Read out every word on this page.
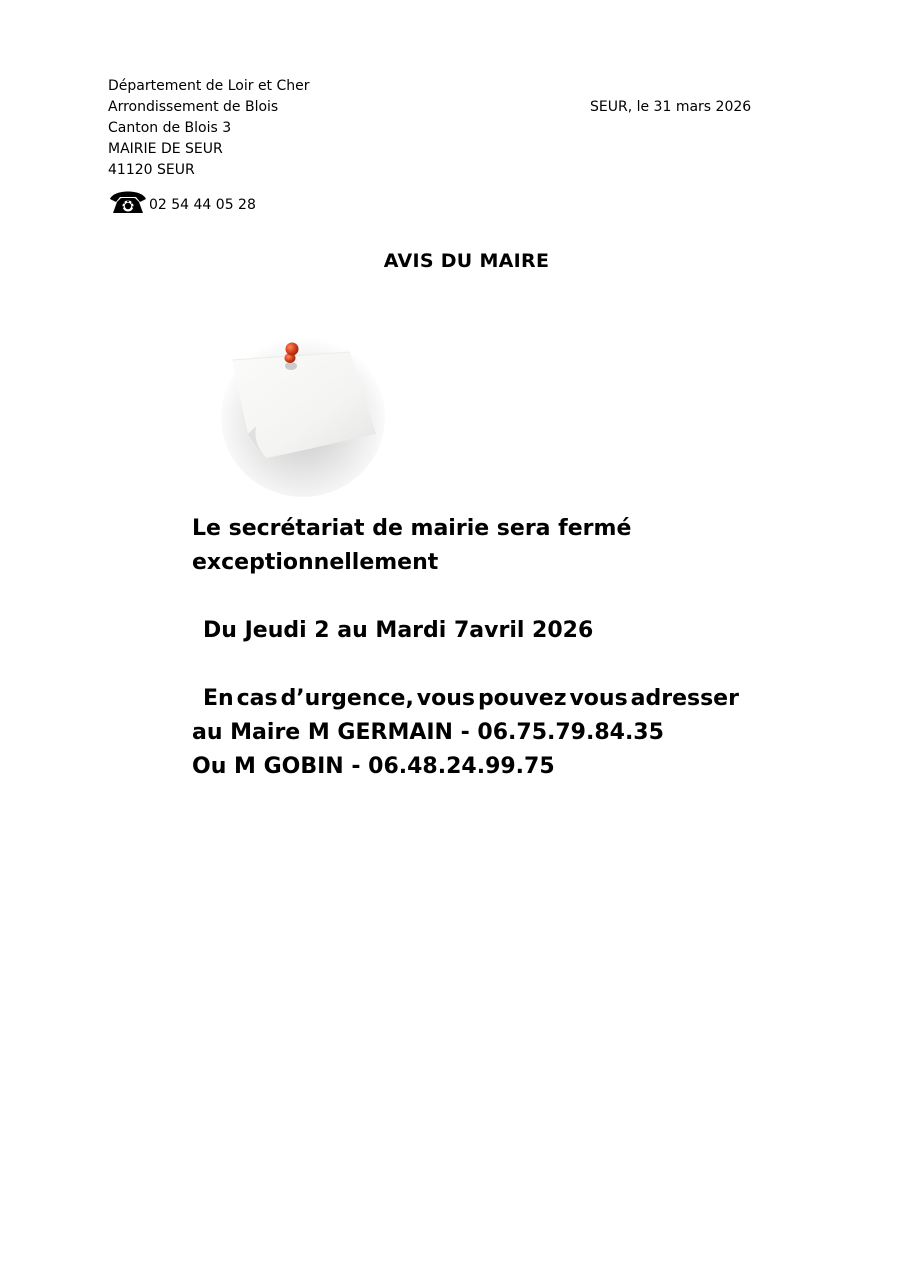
Département de Loir et Cher
Arrondissement de Blois
Canton de Blois 3
MAIRIE DE SEUR
41120 SEUR
02 54 44 05 28
SEUR, le 31 mars 2026
AVIS DU MAIRE
Le secrétariat de mairie sera fermé
exceptionnellement
Du Jeudi 2 au Mardi 7avril 2026
En cas d’urgence, vous pouvez vous adresser
au Maire M GERMAIN - 06.75.79.84.35
Ou M GOBIN - 06.48.24.99.75
